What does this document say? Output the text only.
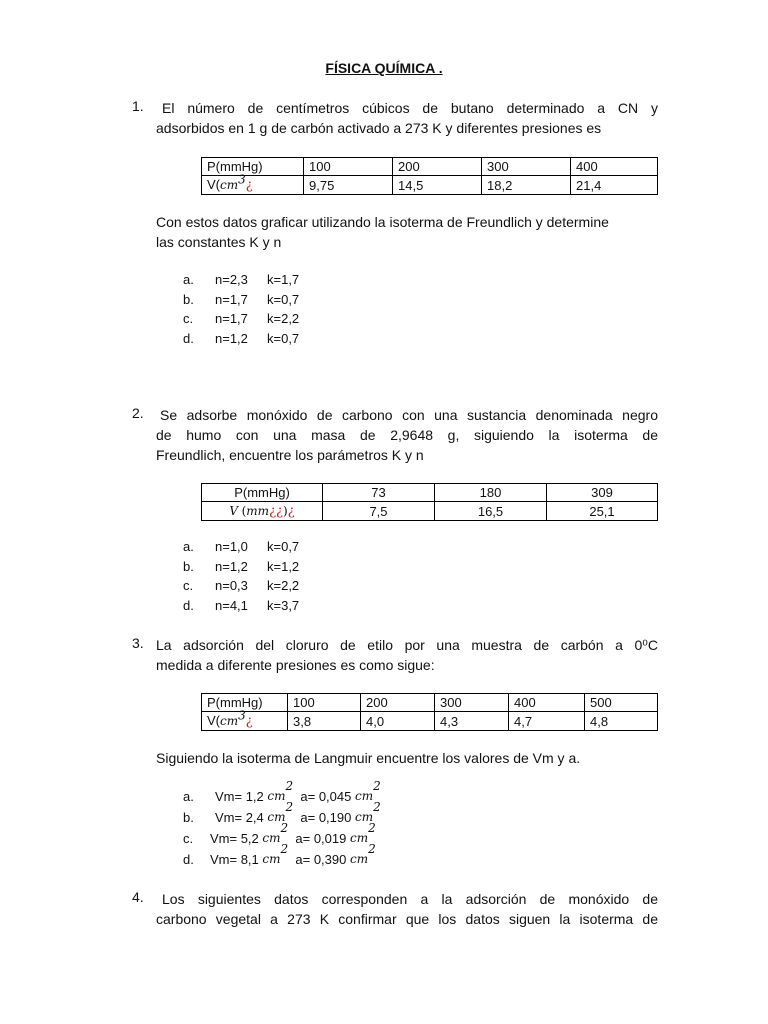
FÍSICA QUÍMICA .
1.	El número de centímetros cúbicos de butano determinado a CN y
adsorbidos en 1 g de carbón activado a 273 K y diferentes presiones es
P(mmHg)	100	200	300	400
$V(cm^3¿$	9,75	14,5	18,2	21,4
Con estos datos graficar utilizando la isoterma de Freundlich y determine
las constantes K y n
a.	n=2,3	k=1,7
b.	n=1,7	k=0,7
c.	n=1,7	k=2,2
d.	n=1,2	k=0,7
2. Se adsorbe monóxido de carbono con una sustancia denominada negro
de humo con una masa de 2,9648 g, siguiendo la isoterma de
Freundlich, encuentre los parámetros K y n
P(mmHg)	73	180	309
V (mm¿¿)¿	7,5	16,5	25,1
a.	n=1,0	k=0,7
b.	n=1,2	k=1,2
c.	n=0,3	k=2,2
d.	n=4,1	k=3,7
3. La adsorción del cloruro de etilo por una muestra de carbón a 0⁰C
medida a diferente presiones es como sigue:
P(mmHg)	100	200	300	400	500
$V(cm^3¿$	3,8	4,0	4,3	4,7	4,8
Siguiendo la isoterma de Langmuir encuentre los valores de Vm y a.
a.	Vm= 1,2
cm
2

a= 0,045
cm
2
b.	Vm= 2,4
cm
2

a= 0,190
cm
2
c.	Vm= 5,2
cm
2

a= 0,019
cm
2
d.	Vm= 8,1
cm
2

a= 0,390
cm
2
4.	Los siguientes datos corresponden a la adsorción de monóxido de
carbono vegetal a 273 K confirmar que los datos siguen la isoterma de
